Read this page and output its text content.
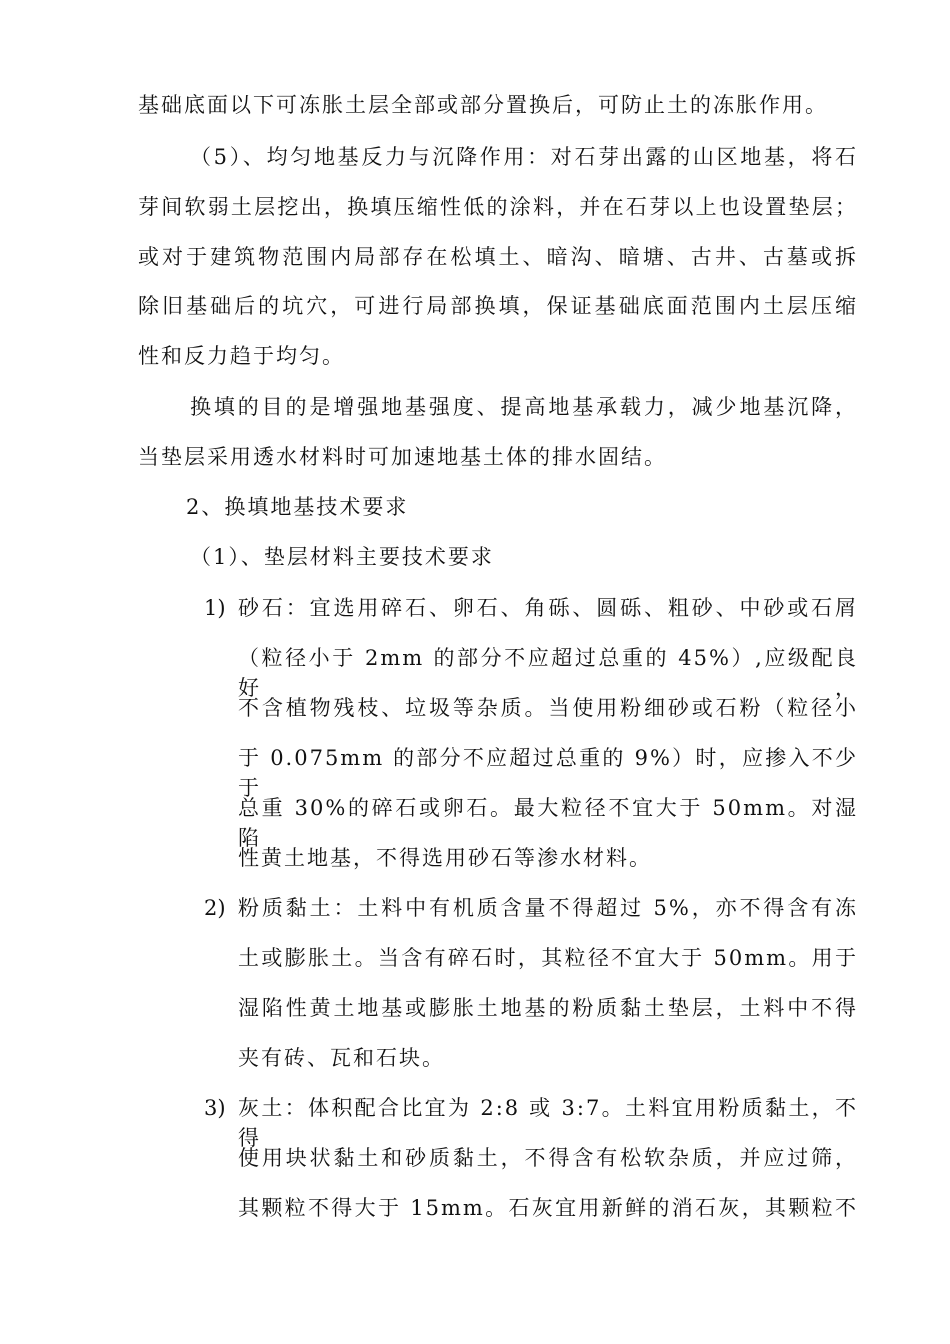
基础底面以下可冻胀土层全部或部分置换后，可防止土的冻胀作用。
（5）、均匀地基反力与沉降作用：对石芽出露的山区地基，将石
芽间软弱土层挖出，换填压缩性低的涂料，并在石芽以上也设置垫层；
或对于建筑物范围内局部存在松填土、暗沟、暗塘、古井、古墓或拆
除旧基础后的坑穴，可进行局部换填，保证基础底面范围内土层压缩
性和反力趋于均匀。
换填的目的是增强地基强度、提高地基承载力，减少地基沉降，
当垫层采用透水材料时可加速地基土体的排水固结。
2、换填地基技术要求
（1）、垫层材料主要技术要求
1) 砂石：宜选用碎石、卵石、角砾、圆砾、粗砂、中砂或石屑
（粒径小于 2mm 的部分不应超过总重的 45%）,应级配良好，
不含植物残枝、垃圾等杂质。当使用粉细砂或石粉（粒径小
于 0.075mm 的部分不应超过总重的 9%）时，应掺入不少于
总重 30%的碎石或卵石。最大粒径不宜大于 50mm。对湿陷
性黄土地基，不得选用砂石等渗水材料。
2) 粉质黏土：土料中有机质含量不得超过 5%，亦不得含有冻
土或膨胀土。当含有碎石时，其粒径不宜大于 50mm。用于
湿陷性黄土地基或膨胀土地基的粉质黏土垫层，土料中不得
夹有砖、瓦和石块。
3) 灰土：体积配合比宜为 2:8 或 3:7。土料宜用粉质黏土，不得
使用块状黏土和砂质黏土，不得含有松软杂质，并应过筛，
其颗粒不得大于 15mm。石灰宜用新鲜的消石灰，其颗粒不
